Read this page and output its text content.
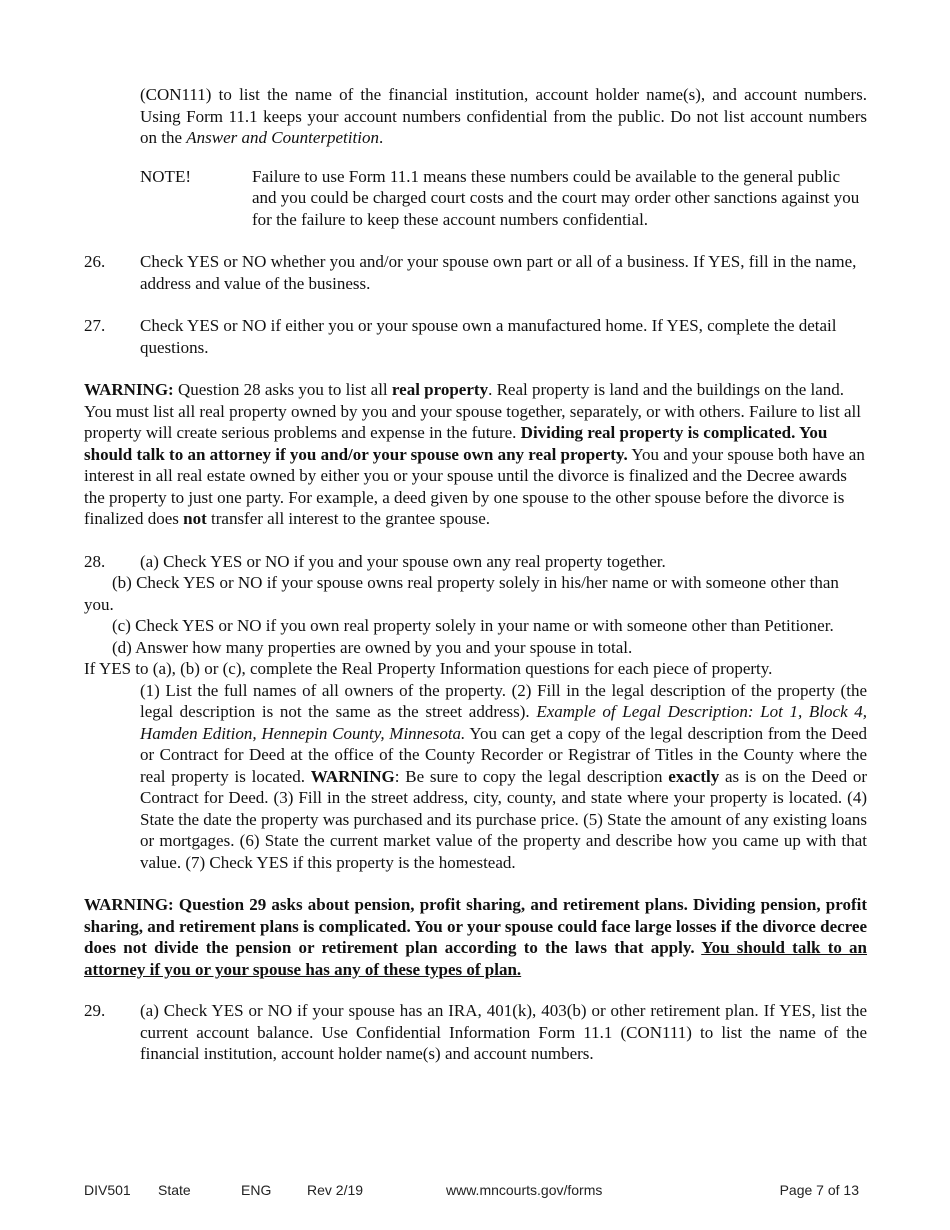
(CON111) to list the name of the financial institution, account holder name(s), and account numbers. Using Form 11.1 keeps your account numbers confidential from the public. Do not list account numbers on the Answer and Counterpetition.

NOTE!	Failure to use Form 11.1 means these numbers could be available to the general public and you could be charged court costs and the court may order other sanctions against you for the failure to keep these account numbers confidential.
26.	Check YES or NO whether you and/or your spouse own part or all of a business. If YES, fill in the name, address and value of the business.
27.	Check YES or NO if either you or your spouse own a manufactured home. If YES, complete the detail questions.

WARNING: Question 28 asks you to list all real property. Real property is land and the buildings on the land. You must list all real property owned by you and your spouse together, separately, or with others. Failure to list all property will create serious problems and expense in the future. Dividing real property is complicated. You should talk to an attorney if you and/or your spouse own any real property. You and your spouse both have an interest in all real estate owned by either you or your spouse until the divorce is finalized and the Decree awards the property to just one party. For example, a deed given by one spouse to the other spouse before the divorce is finalized does not transfer all interest to the grantee spouse.

28.	(a) Check YES or NO if you and your spouse own any real property together.

(b) Check YES or NO if your spouse owns real property solely in his/her name or with someone other than you.

(c) Check YES or NO if you own real property solely in your name or with someone other than Petitioner.

(d) Answer how many properties are owned by you and your spouse in total.

If YES to (a), (b) or (c), complete the Real Property Information questions for each piece of property.

(1) List the full names of all owners of the property. (2) Fill in the legal description of the property (the legal description is not the same as the street address). Example of Legal Description: Lot 1, Block 4, Hamden Edition, Hennepin County, Minnesota. You can get a copy of the legal description from the Deed or Contract for Deed at the office of the County Recorder or Registrar of Titles in the County where the real property is located. WARNING: Be sure to copy the legal description exactly as is on the Deed or Contract for Deed. (3) Fill in the street address, city, county, and state where your property is located. (4) State the date the property was purchased and its purchase price. (5) State the amount of any existing loans or mortgages. (6) State the current market value of the property and describe how you came up with that value. (7) Check YES if this property is the homestead.

WARNING: Question 29 asks about pension, profit sharing, and retirement plans. Dividing pension, profit sharing, and retirement plans is complicated. You or your spouse could face large losses if the divorce decree does not divide the pension or retirement plan according to the laws that apply. You should talk to an attorney if you or your spouse has any of these types of plan.

29.	(a) Check YES or NO if your spouse has an IRA, 401(k), 403(b) or other retirement plan. If YES, list the current account balance. Use Confidential Information Form 11.1 (CON111) to list the name of the financial institution, account holder name(s) and account numbers.
DIV501 State	ENG	Rev 2/19	www.mncourts.gov/forms	Page 7 of 13
